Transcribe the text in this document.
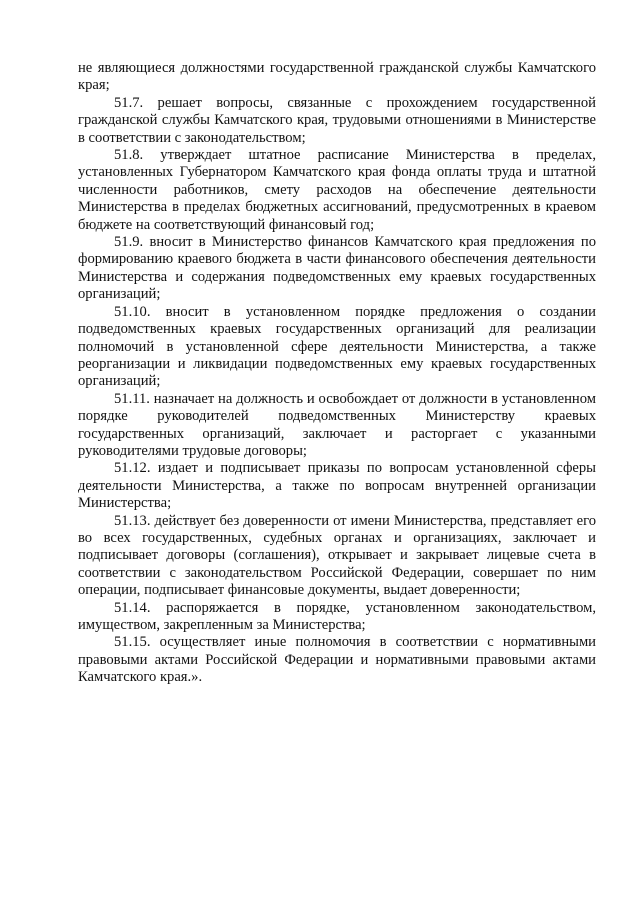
не являющиеся должностями государственной гражданской службы Камчатского края;

51.7. решает вопросы, связанные с прохождением государственной гражданской службы Камчатского края, трудовыми отношениями в Министерстве в соответствии с законодательством;

51.8. утверждает штатное расписание Министерства в пределах, установленных Губернатором Камчатского края фонда оплаты труда и штатной численности работников, смету расходов на обеспечение деятельности Министерства в пределах бюджетных ассигнований, предусмотренных в краевом бюджете на соответствующий финансовый год;

51.9. вносит в Министерство финансов Камчатского края предложения по формированию краевого бюджета в части финансового обеспечения деятельности Министерства и содержания подведомственных ему краевых государственных организаций;

51.10. вносит в установленном порядке предложения о создании подведомственных краевых государственных организаций для реализации полномочий в установленной сфере деятельности Министерства, а также реорганизации и ликвидации подведомственных ему краевых государственных организаций;

51.11. назначает на должность и освобождает от должности в установленном порядке руководителей подведомственных Министерству краевых государственных организаций, заключает и расторгает с указанными руководителями трудовые договоры;

51.12. издает и подписывает приказы по вопросам установленной сферы деятельности Министерства, а также по вопросам внутренней организации Министерства;

51.13. действует без доверенности от имени Министерства, представляет его во всех государственных, судебных органах и организациях, заключает и подписывает договоры (соглашения), открывает и закрывает лицевые счета в соответствии с законодательством Российской Федерации, совершает по ним операции, подписывает финансовые документы, выдает доверенности;

51.14. распоряжается в порядке, установленном законодательством, имуществом, закрепленным за Министерства;

51.15. осуществляет иные полномочия в соответствии с нормативными правовыми актами Российской Федерации и нормативными правовыми актами Камчатского края.».
